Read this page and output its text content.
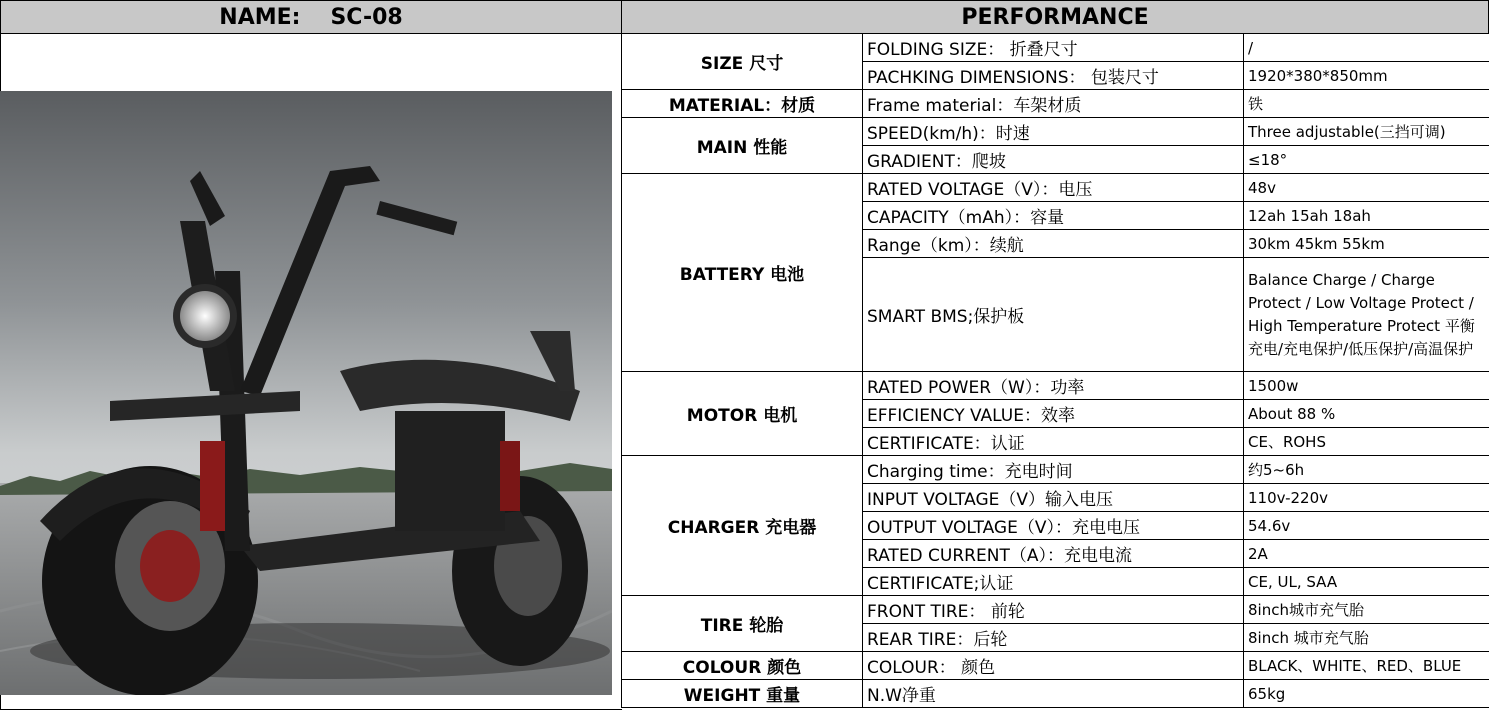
NAME: SC-08	PERFORMANCE
SIZE 尺寸	FOLDING SIZE： 折叠尺寸	/
	PACHKING DIMENSIONS： 包装尺寸	1920*380*850mm
MATERIAL：材质	Frame material：车架材质	铁
MAIN 性能	SPEED(km/h)：时速	Three adjustable(三挡可调)
	GRADIENT：爬坡	≤18°
BATTERY 电池	RATED VOLTAGE（V）：电压	48v
	CAPACITY（mAh）：容量	12ah 15ah 18ah
	Range（km）：续航	30km 45km 55km
	SMART BMS;保护板	Balance Charge / Charge Protect / Low Voltage Protect / High Temperature Protect 平衡充电/充电保护/低压保护/高温保护
MOTOR 电机	RATED POWER（W）：功率	1500w
	EFFICIENCY VALUE：效率	About 88 %
	CERTIFICATE：认证	CE、ROHS
CHARGER 充电器	Charging time：充电时间	约5~6h
	INPUT VOLTAGE（V）输入电压	110v-220v
	OUTPUT VOLTAGE（V）：充电电压	54.6v
	RATED CURRENT（A）：充电电流	2A
	CERTIFICATE;认证	CE, UL, SAA
TIRE 轮胎	FRONT TIRE： 前轮	8inch城市充气胎
	REAR TIRE：后轮	8inch 城市充气胎
COLOUR 颜色	COLOUR： 颜色	BLACK、WHITE、RED、BLUE
WEIGHT 重量	N.W净重	65kg
